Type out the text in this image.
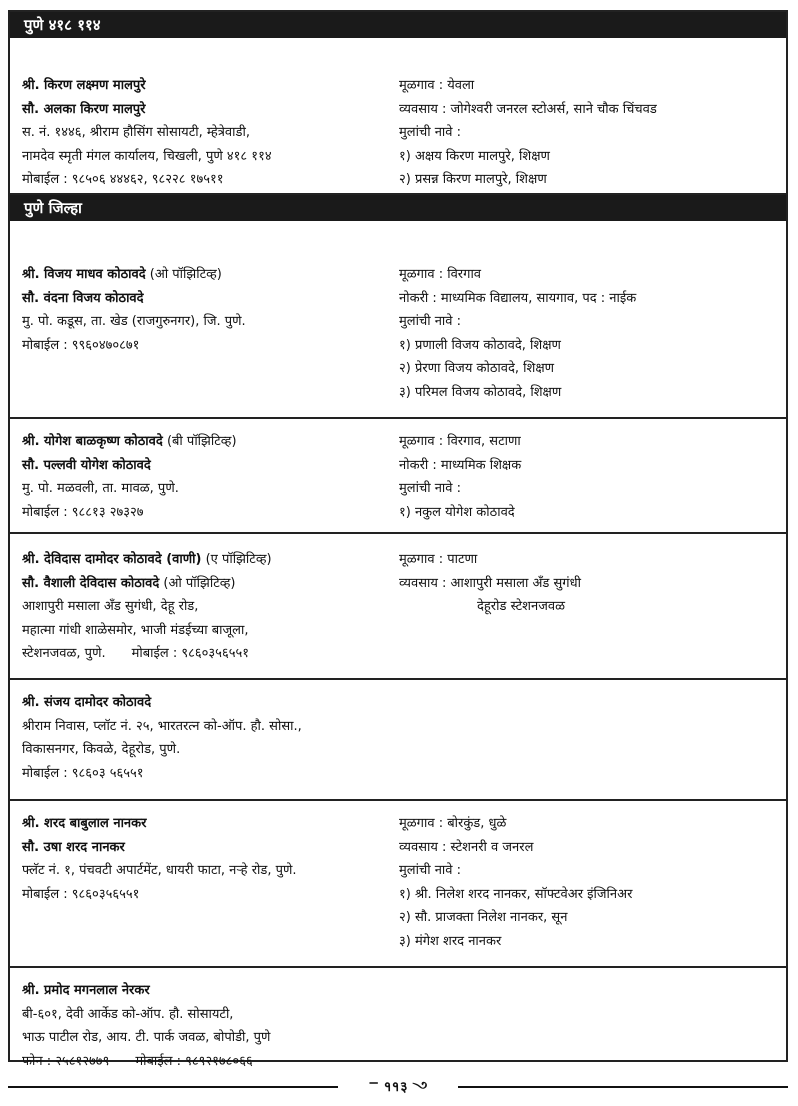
पुणे ४१८ ११४
श्री. किरण लक्ष्मण मालपुरे
सौ. अलका किरण मालपुरे
स. नं. १४४६, श्रीराम हौसिंग सोसायटी, म्हेत्रेवाडी,
नामदेव स्मृती मंगल कार्यालय, चिखली, पुणे ४१८ ११४
मोबाईल : ९८५०६ ४४४६२, ९८२२८ १७५११
मूळगाव : येवला
व्यवसाय : जोगेश्वरी जनरल स्टोअर्स, साने चौक चिंचवड
मुलांची नावे :
१) अक्षय किरण मालपुरे, शिक्षण
२) प्रसन्न किरण मालपुरे, शिक्षण
पुणे जिल्हा
श्री. विजय माधव कोठावदे (ओ पॉझिटिव्ह)
सौ. वंदना विजय कोठावदे
मु. पो. कडूस, ता. खेड (राजगुरुनगर), जि. पुणे.
मोबाईल : ९९६०४७०८७१
मूळगाव : विरगाव
नोकरी : माध्यमिक विद्यालय, सायगाव, पद : नाईक
मुलांची नावे :
१) प्रणाली विजय कोठावदे, शिक्षण
२) प्रेरणा विजय कोठावदे, शिक्षण
३) परिमल विजय कोठावदे, शिक्षण
श्री. योगेश बाळकृष्ण कोठावदे (बी पॉझिटिव्ह)
सौ. पल्लवी योगेश कोठावदे
मु. पो. मळवली, ता. मावळ, पुणे.
मोबाईल : ९८८१३ २७३२७
मूळगाव : विरगाव, सटाणा
नोकरी : माध्यमिक शिक्षक
मुलांची नावे :
१) नकुल योगेश कोठावदे
श्री. देविदास दामोदर कोठावदे (वाणी) (ए पॉझिटिव्ह)
सौ. वैशाली देविदास कोठावदे (ओ पॉझिटिव्ह)
आशापुरी मसाला अँड सुगंधी, देहू रोड,
महात्मा गांधी शाळेसमोर, भाजी मंडईच्या बाजूला,
स्टेशनजवळ, पुणे. मोबाईल : ९८६०३५६५५१
मूळगाव : पाटणा
व्यवसाय : आशापुरी मसाला अँड सुगंधी
देहूरोड स्टेशनजवळ
श्री. संजय दामोदर कोठावदे
श्रीराम निवास, प्लॉट नं. २५, भारतरत्न को-ऑप. हौ. सोसा.,
विकासनगर, किवळे, देहूरोड, पुणे.
मोबाईल : ९८६०३ ५६५५१
श्री. शरद बाबुलाल नानकर
सौ. उषा शरद नानकर
फ्लॅट नं. १, पंचवटी अपार्टमेंट, धायरी फाटा, नऱ्हे रोड, पुणे.
मोबाईल : ९८६०३५६५५१
मूळगाव : बोरकुंड, धुळे
व्यवसाय : स्टेशनरी व जनरल
मुलांची नावे :
१) श्री. निलेश शरद नानकर, सॉफ्टवेअर इंजिनिअर
२) सौ. प्राजक्ता निलेश नानकर, सून
३) मंगेश शरद नानकर
श्री. प्रमोद मगनलाल नेरकर
बी-६०१, देवी आर्केड को-ऑप. हौ. सोसायटी,
भाऊ पाटील रोड, आय. टी. पार्क जवळ, बोपोडी, पुणे
फोन : २५८१२७७९ मोबाईल : ९८९२१७८०६६
ꣻ ११३ ꣼
